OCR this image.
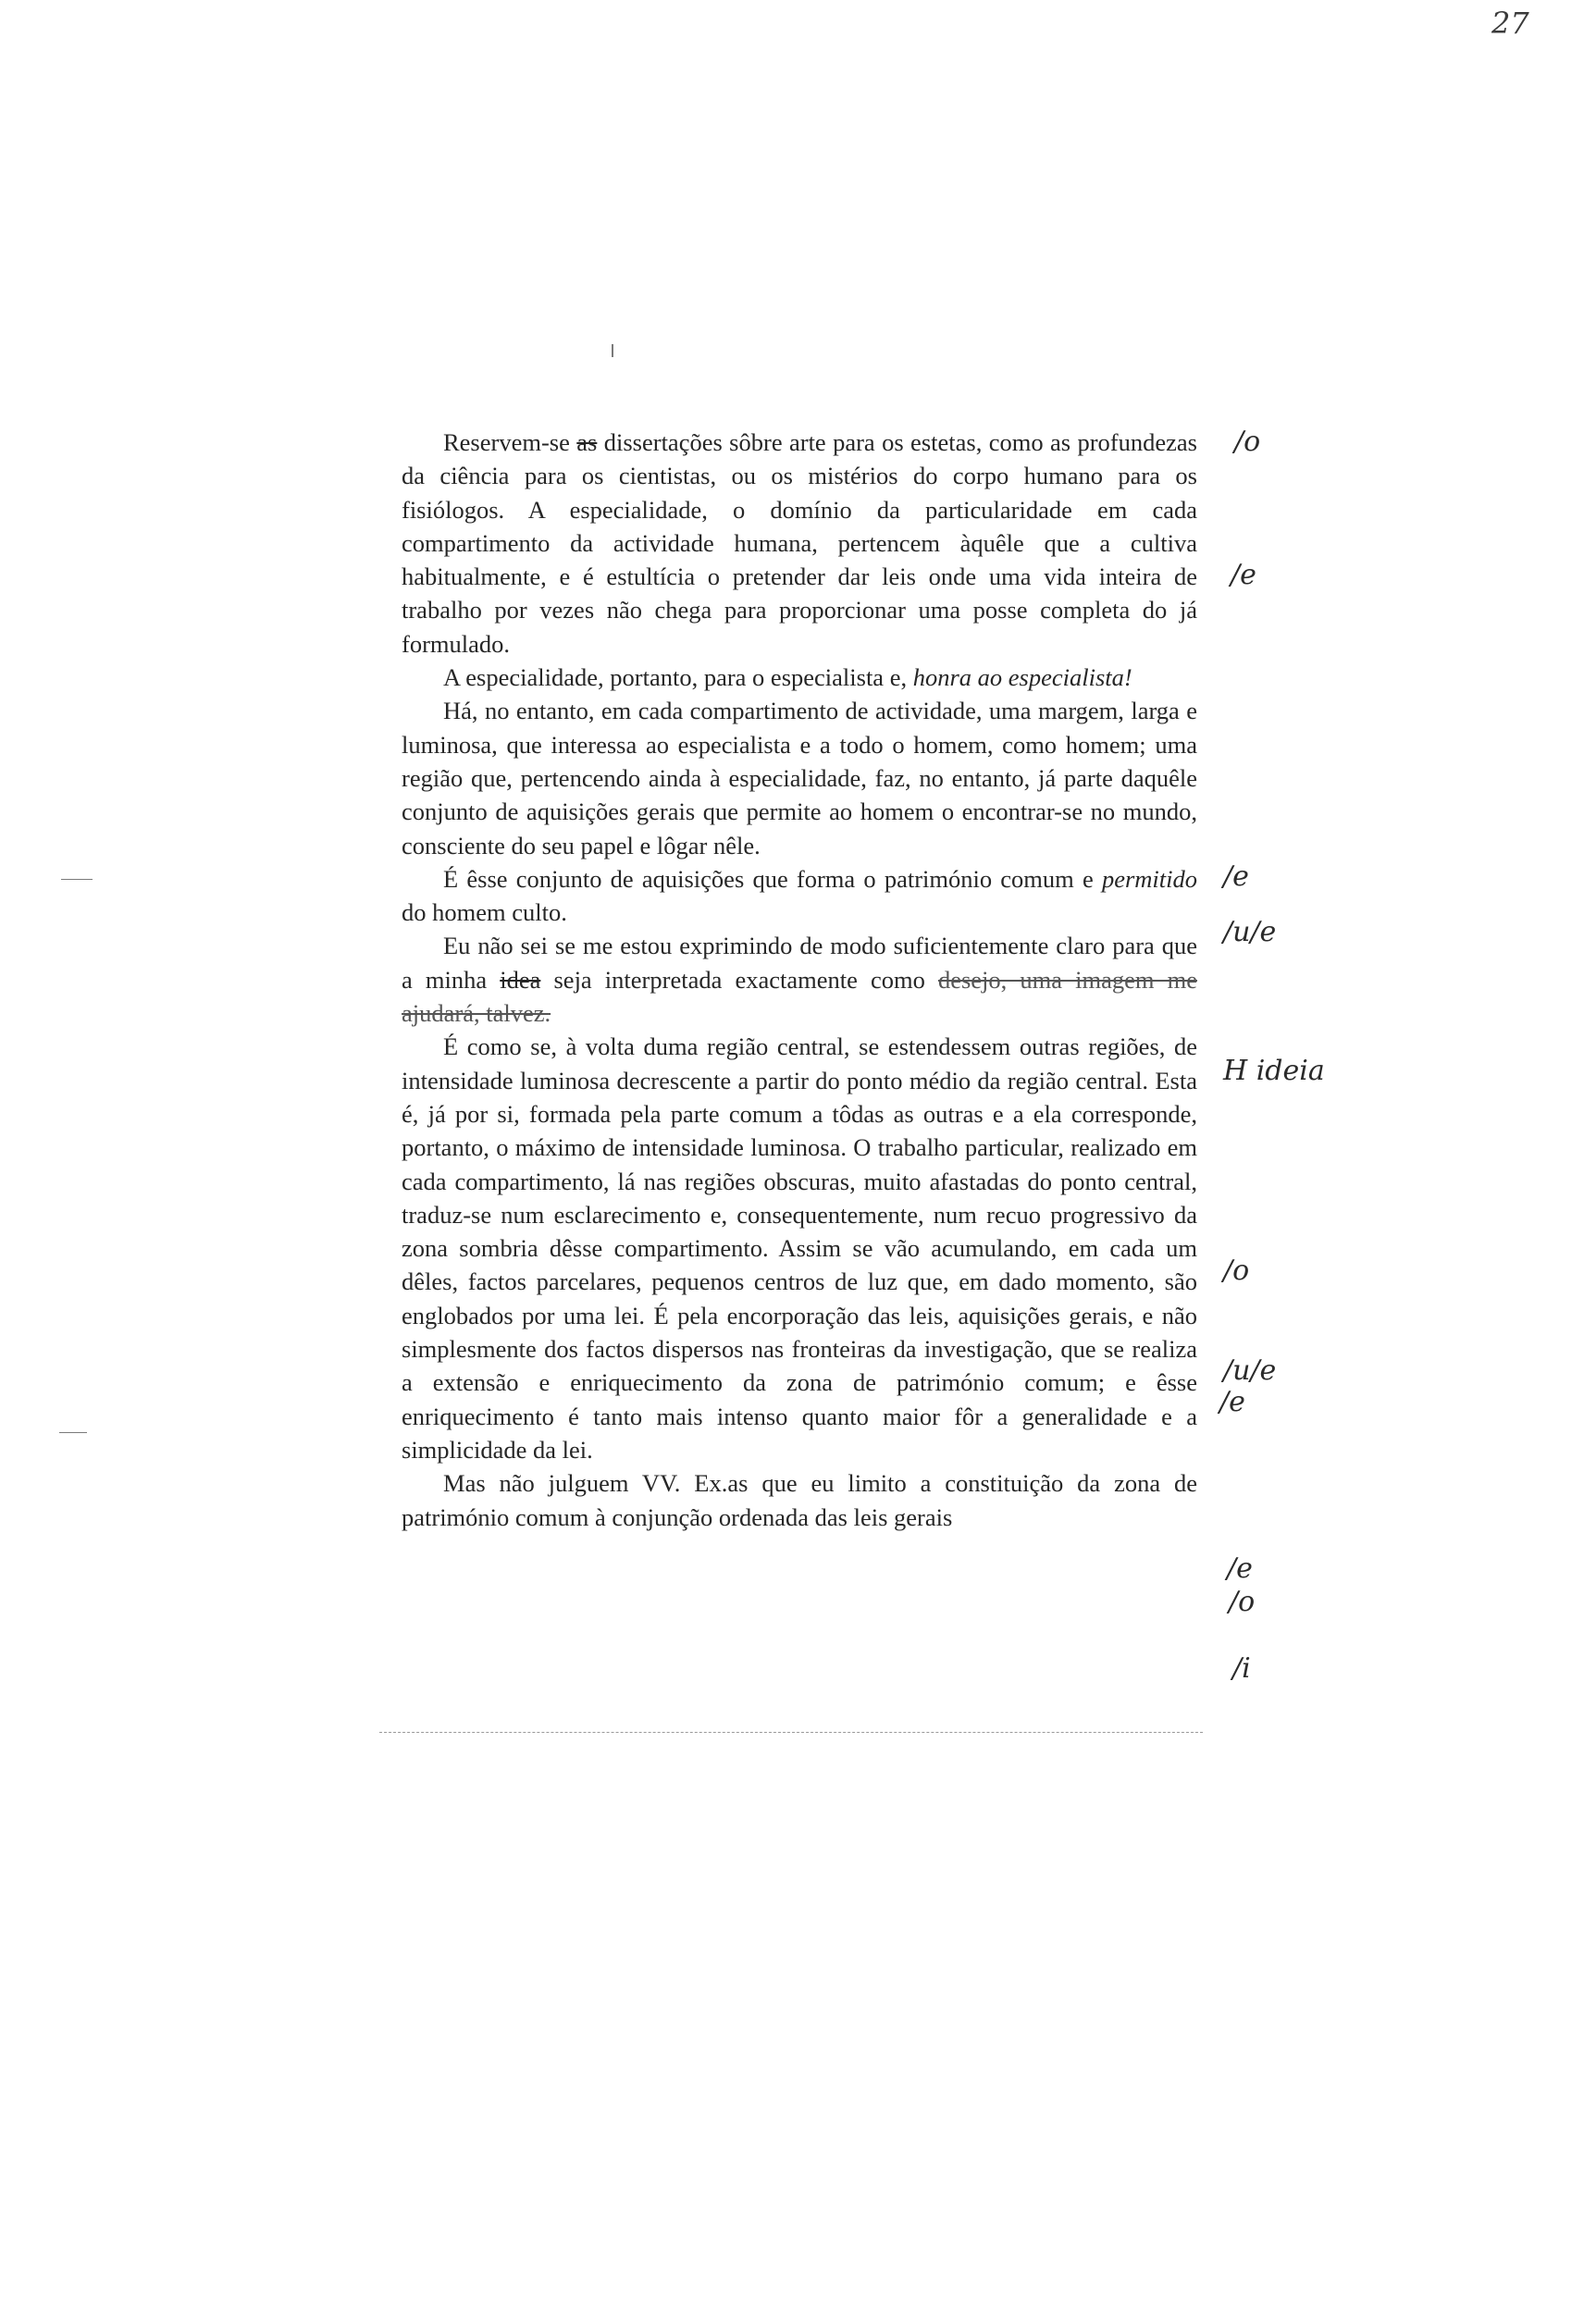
27

Reservem-se as dissertações sôbre arte para os estetas, como as profundezas da ciência para os cientistas, ou os mistérios do corpo humano para os fisiólogos. A especialidade, o domínio da particularidade em cada compartimento da actividade humana, pertencem àquêle que a cultiva habitualmente, e é estultícia o pretender dar leis onde uma vida inteira de trabalho por vezes não chega para proporcionar uma posse completa do já formulado.

A especialidade, portanto, para o especialista e, honra ao especialista!

Há, no entanto, em cada compartimento de actividade, uma margem, larga e luminosa, que interessa ao especialista e a todo o homem, como homem; uma região que, pertencendo ainda à especialidade, faz, no entanto, já parte daquêle conjunto de aquisições gerais que permite ao homem o encontrar-se no mundo, consciente do seu papel e lôgar nêle.

É êsse conjunto de aquisições que forma o património comum e permitido do homem culto.

Eu não sei se me estou exprimindo de modo suficientemente claro para que a minha idea seja interpretada exactamente como desejo, uma imagem me ajudará, talvez.

É como se, à volta duma região central, se estendessem outras regiões, de intensidade luminosa decrescente a partir do ponto médio da região central. Esta é, já por si, formada pela parte comum a tôdas as outras e a ela corresponde, portanto, o máximo de intensidade luminosa. O trabalho particular, realizado em cada compartimento, lá nas regiões obscuras, muito afastadas do ponto central, traduz-se num esclarecimento e, consequentemente, num recuo progressivo da zona sombria dêsse compartimento. Assim se vão acumulando, em cada um dêles, factos parcelares, pequenos centros de luz que, em dado momento, são englobados por uma lei. É pela encorporação das leis, aquisições gerais, e não simplesmente dos factos dispersos nas fronteiras da investigação, que se realiza a extensão e enriquecimento da zona de património comum; e êsse enriquecimento é tanto mais intenso quanto maior fôr a generalidade e a simplicidade da lei.

Mas não julguem VV. Ex.as que eu limito a constituição da zona de património comum à conjunção ordenada das leis gerais

/o
/e
/e
/u/e
H ideia
/o
/u/e
/e
/e
/o
/i
